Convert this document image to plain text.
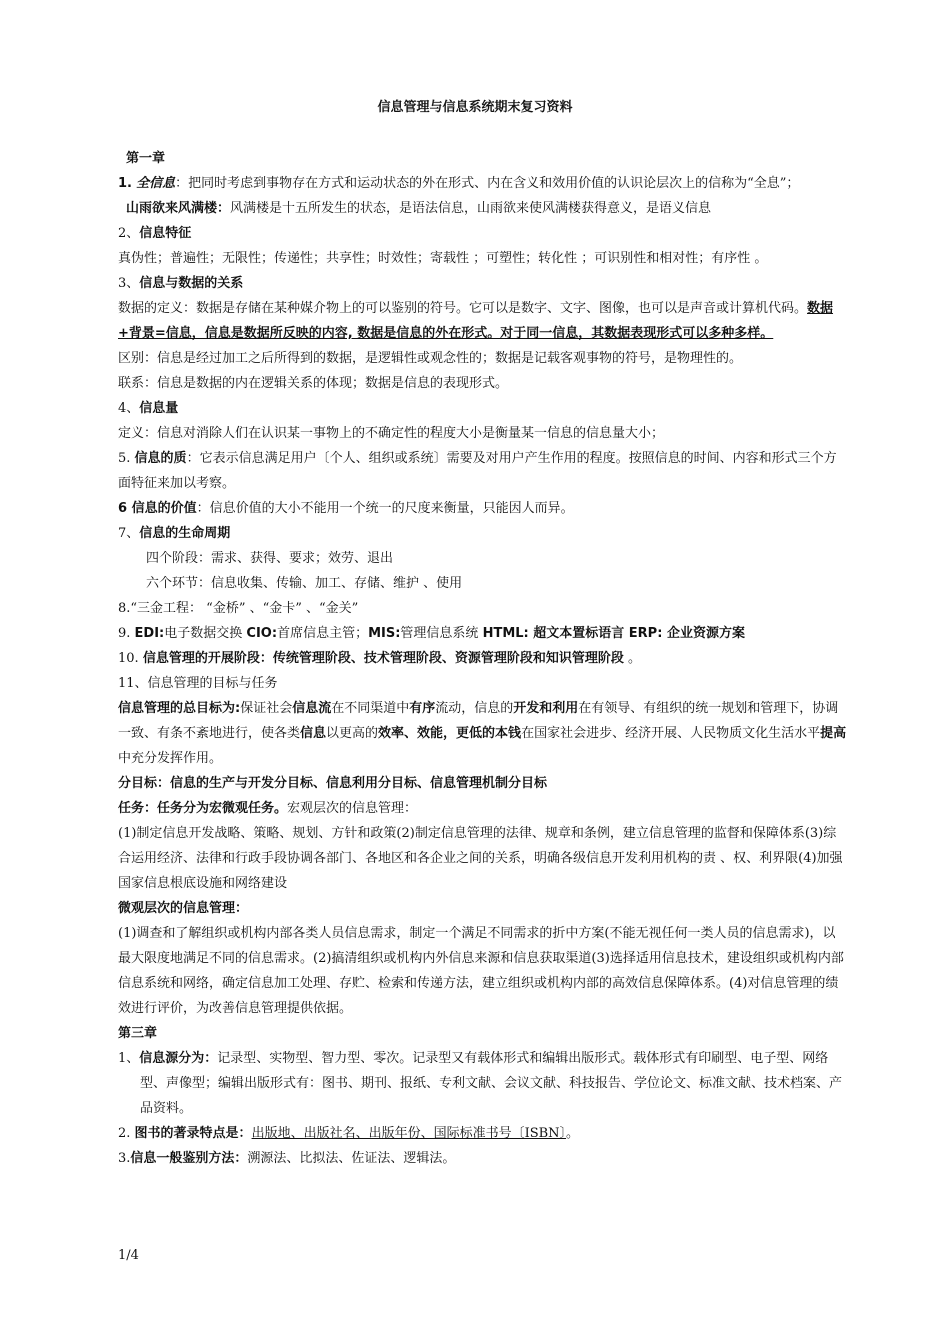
信息管理与信息系统期末复习资料

第一章

1. 全信息：把同时考虑到事物存在方式和运动状态的外在形式、内在含义和效用价值的认识论层次上的信称为“全息”；

山雨欲来风满楼：风满楼是十五所发生的状态，是语法信息，山雨欲来使风满楼获得意义，是语义信息

2、信息特征

真伪性；普遍性；无限性；传递性；共享性；时效性；寄载性 ；可塑性；转化性 ；可识别性和相对性；有序性 。

3、信息与数据的关系

数据的定义：数据是存储在某种媒介物上的可以鉴别的符号。它可以是数字、文字、图像，也可以是声音或计算机代码。数据+背景=信息，信息是数据所反映的内容, 数据是信息的外在形式。对于同一信息，其数据表现形式可以多种多样。

区别：信息是经过加工之后所得到的数据，是逻辑性或观念性的；数据是记载客观事物的符号，是物理性的。

联系：信息是数据的内在逻辑关系的体现；数据是信息的表现形式。

4、信息量

定义：信息对消除人们在认识某一事物上的不确定性的程度大小是衡量某一信息的信息量大小；

5. 信息的质：它表示信息满足用户〔个人、组织或系统〕需要及对用户产生作用的程度。按照信息的时间、内容和形式三个方面特征来加以考察。

6 信息的价值：信息价值的大小不能用一个统一的尺度来衡量，只能因人而异。

7、信息的生命周期

四个阶段：需求、获得、要求；效劳、退出

六个环节：信息收集、传输、加工、存储、维护 、使用

8.“三金工程： “金桥” 、“金卡” 、“金关”

9. EDI:电子数据交换 CIO:首席信息主管；MIS:管理信息系统 HTML: 超文本置标语言 ERP: 企业资源方案

10. 信息管理的开展阶段：传统管理阶段、技术管理阶段、资源管理阶段和知识管理阶段 。

11、信息管理的目标与任务

信息管理的总目标为:保证社会信息流在不同渠道中有序流动，信息的开发和利用在有领导、有组织的统一规划和管理下，协调一致、有条不紊地进行，使各类信息以更高的效率、效能，更低的本钱在国家社会进步、经济开展、人民物质文化生活水平提高中充分发挥作用。

分目标：信息的生产与开发分目标、信息利用分目标、信息管理机制分目标

任务：任务分为宏微观任务。宏观层次的信息管理：

(1)制定信息开发战略、策略、规划、方针和政策(2)制定信息管理的法律、规章和条例，建立信息管理的监督和保障体系(3)综合运用经济、法律和行政手段协调各部门、各地区和各企业之间的关系，明确各级信息开发利用机构的责 、权、利界限(4)加强国家信息根底设施和网络建设

微观层次的信息管理：

(1)调查和了解组织或机构内部各类人员信息需求，制定一个满足不同需求的折中方案(不能无视任何一类人员的信息需求)，以最大限度地满足不同的信息需求。(2)搞清组织或机构内外信息来源和信息获取渠道(3)选择适用信息技术，建设组织或机构内部信息系统和网络，确定信息加工处理、存贮、检索和传递方法，建立组织或机构内部的高效信息保障体系。(4)对信息管理的绩效进行评价，为改善信息管理提供依据。

第三章

1、信息源分为：记录型、实物型、智力型、零次。记录型又有载体形式和编辑出版形式。载体形式有印刷型、电子型、网络型、声像型；编辑出版形式有：图书、期刊、报纸、专利文献、会议文献、科技报告、学位论文、标准文献、技术档案、产品资料。

2. 图书的著录特点是：出版地、出版社名、出版年份、国际标准书号〔ISBN〕。

3.信息一般鉴别方法：溯源法、比拟法、佐证法、逻辑法。

1/4
